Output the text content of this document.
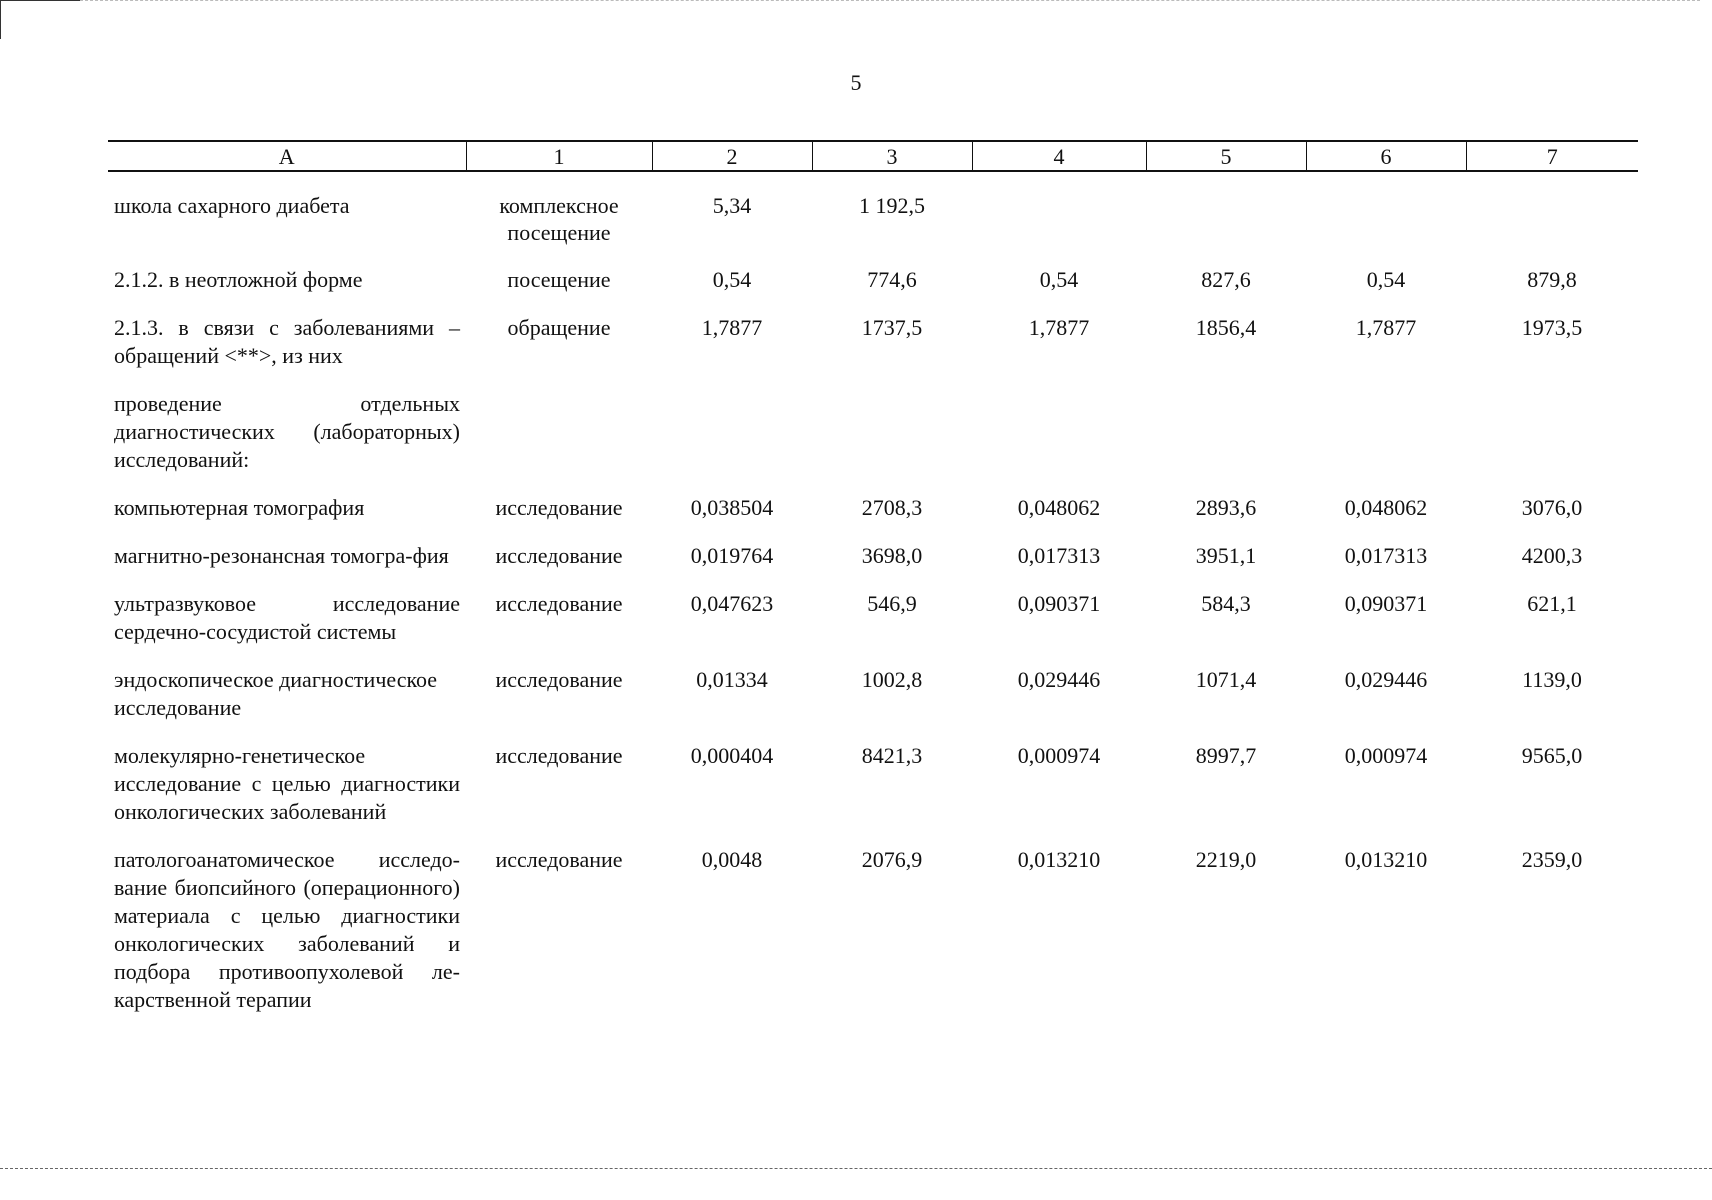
5
А	1	2	3	4	5	6	7

школа сахарного диабета	комплексное посещение	5,34	1 192,5				

2.1.2. в неотложной форме	посещение	0,54	774,6	0,54	827,6	0,54	879,8

2.1.3. в связи с заболеваниями – обращений <**>, из них	обращение	1,7877	1737,5	1,7877	1856,4	1,7877	1973,5

проведение отдельных диагностических (лабораторных) исследований:							

компьютерная томография	исследование	0,038504	2708,3	0,048062	2893,6	0,048062	3076,0

магнитно-резонансная томогра-фия	исследование	0,019764	3698,0	0,017313	3951,1	0,017313	4200,3

ультразвуковое исследование сердечно-сосудистой системы	исследование	0,047623	546,9	0,090371	584,3	0,090371	621,1

эндоскопическое диагностическое исследование	исследование	0,01334	1002,8	0,029446	1071,4	0,029446	1139,0

молекулярно-генетическое исследование с целью диагностики онкологических заболеваний	исследование	0,000404	8421,3	0,000974	8997,7	0,000974	9565,0

патологоанатомическое исследо-вание биопсийного (операционного) материала с целью диагностики онкологических заболеваний и подбора противоопухолевой ле-карственной терапии	исследование	0,0048	2076,9	0,013210	2219,0	0,013210	2359,0
